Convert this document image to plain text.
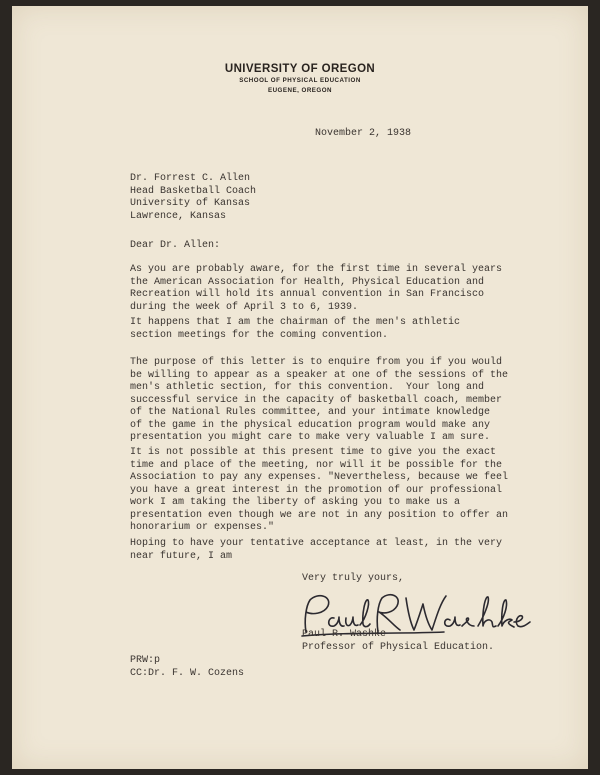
UNIVERSITY OF OREGON
SCHOOL OF PHYSICAL EDUCATION
EUGENE, OREGON

November 2, 1938

Dr. Forrest C. Allen
Head Basketball Coach
University of Kansas
Lawrence, Kansas

Dear Dr. Allen:

As you are probably aware, for the first time in several years
the American Association for Health, Physical Education and
Recreation will hold its annual convention in San Francisco
during the week of April 3 to 6, 1939.

It happens that I am the chairman of the men's athletic
section meetings for the coming convention.

The purpose of this letter is to enquire from you if you would
be willing to appear as a speaker at one of the sessions of the
men's athletic section, for this convention.  Your long and
successful service in the capacity of basketball coach, member
of the National Rules committee, and your intimate knowledge
of the game in the physical education program would make any
presentation you might care to make very valuable I am sure.

It is not possible at this present time to give you the exact
time and place of the meeting, nor will it be possible for the
Association to pay any expenses. "Nevertheless, because we feel
you have a great interest in the promotion of our professional
work I am taking the liberty of asking you to make us a
presentation even though we are not in any position to offer an
honorarium or expenses."

Hoping to have your tentative acceptance at least, in the very
near future, I am

Very truly yours,

Paul R. Washke
Paul R. Washke
Professor of Physical Education.
PRW:p
CC:Dr. F. W. Cozens
